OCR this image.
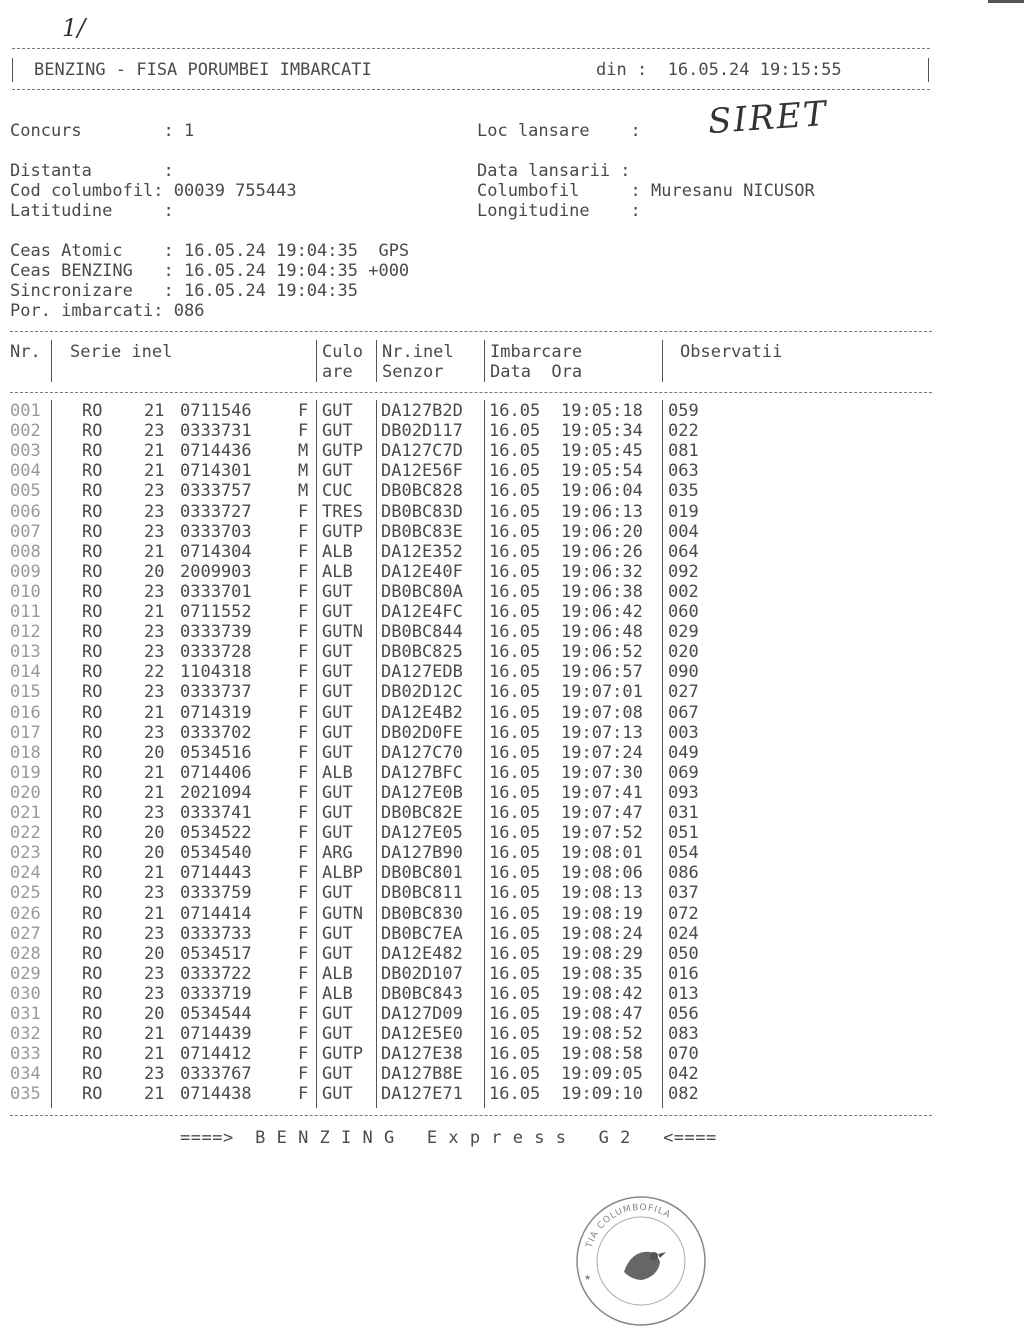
1/
SIRET
BENZING - FISA PORUMBEI IMBARCATI	din :  16.05.24 19:15:55
Concurs        : 1	Loc lansare    :
Distanta       :	Data lansarii :
Cod columbofil: 00039 755443	Columbofil     : Muresanu NICUSOR
Latitudine     :	Longitudine    :
Ceas Atomic    : 16.05.24 19:04:35  GPS
Ceas BENZING   : 16.05.24 19:04:35 +000
Sincronizare   : 16.05.24 19:04:35
Por. imbarcati: 086
Nr. Serie inel	Culo
are
Nr.inel
Senzor
Imbarcare
Data  Ora
Observatii
001 RO 21 0711546	F GUT DA127B2D 16.05 19:05:18 059
002 RO 23 0333731	F GUT DB02D117 16.05 19:05:34 022
003 RO 21 0714436	M GUTP DA127C7D 16.05 19:05:45 081
004 RO 21 0714301	M GUT DA12E56F 16.05 19:05:54 063
005 RO 23 0333757	M CUC DB0BC828 16.05 19:06:04 035
006 RO 23 0333727	F TRES DB0BC83D 16.05 19:06:13 019
007 RO 23 0333703	F GUTP DB0BC83E 16.05 19:06:20 004
008 RO 21 0714304	F ALB DA12E352 16.05 19:06:26 064
009 RO 20 2009903	F ALB DA12E40F 16.05 19:06:32 092
010 RO 23 0333701	F GUT DB0BC80A 16.05 19:06:38 002
011 RO 21 0711552	F GUT DA12E4FC 16.05 19:06:42 060
012 RO 23 0333739	F GUTN DB0BC844 16.05 19:06:48 029
013 RO 23 0333728	F GUT DB0BC825 16.05 19:06:52 020
014 RO 22 1104318	F GUT DA127EDB 16.05 19:06:57 090
015 RO 23 0333737	F GUT DB02D12C 16.05 19:07:01 027
016 RO 21 0714319	F GUT DA12E4B2 16.05 19:07:08 067
017 RO 23 0333702	F GUT DB02D0FE 16.05 19:07:13 003
018 RO 20 0534516	F GUT DA127C70 16.05 19:07:24 049
019 RO 21 0714406	F ALB DA127BFC 16.05 19:07:30 069
020 RO 21 2021094	F GUT DA127E0B 16.05 19:07:41 093
021 RO 23 0333741	F GUT DB0BC82E 16.05 19:07:47 031
022 RO 20 0534522	F GUT DA127E05 16.05 19:07:52 051
023 RO 20 0534540	F ARG DA127B90 16.05 19:08:01 054
024 RO 21 0714443	F ALBP DB0BC801 16.05 19:08:06 086
025 RO 23 0333759	F GUT DB0BC811 16.05 19:08:13 037
026 RO 21 0714414	F GUTN DB0BC830 16.05 19:08:19 072
027 RO 23 0333733	F GUT DB0BC7EA 16.05 19:08:24 024
028 RO 20 0534517	F GUT DA12E482 16.05 19:08:29 050
029 RO 23 0333722	F ALB DB02D107 16.05 19:08:35 016
030 RO 23 0333719	F ALB DB0BC843 16.05 19:08:42 013
031 RO 20 0534544	F GUT DA127D09 16.05 19:08:47 056
032 RO 21 0714439	F GUT DA12E5E0 16.05 19:08:52 083
033 RO 21 0714412	F GUTP DA127E38 16.05 19:08:58 070
034 RO 23 0333767	F GUT DA127B8E 16.05 19:09:05 042
035 RO 21 0714438	F GUT DA127E71 16.05 19:09:10 082
====>  B E N Z I N G   E x p r e s s   G 2   <====
TIA COLUMBOFILA
★
